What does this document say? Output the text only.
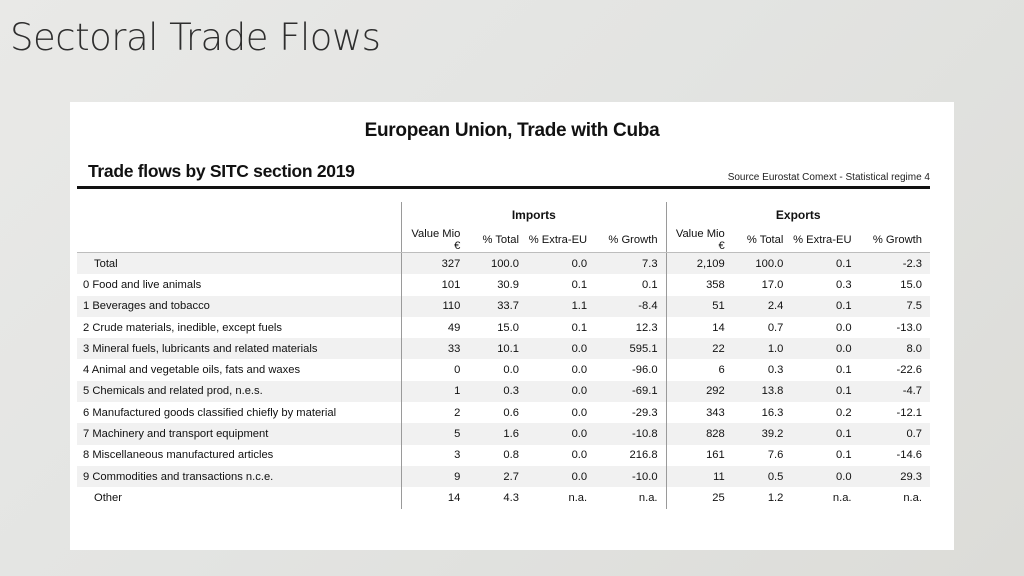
Sectoral Trade Flows
European Union, Trade with Cuba
Trade flows by SITC section 2019	Source Eurostat Comext - Statistical regime 4
	Imports				Exports			
	Value Mio €	% Total	% Extra-EU	% Growth	Value Mio €	% Total	% Extra-EU	% Growth
Total	327	100.0	0.0	7.3	2,109	100.0	0.1	-2.3
0 Food and live animals	101	30.9	0.1	0.1	358	17.0	0.3	15.0
1 Beverages and tobacco	110	33.7	1.1	-8.4	51	2.4	0.1	7.5
2 Crude materials, inedible, except fuels	49	15.0	0.1	12.3	14	0.7	0.0	-13.0
3 Mineral fuels, lubricants and related materials	33	10.1	0.0	595.1	22	1.0	0.0	8.0
4 Animal and vegetable oils, fats and waxes	0	0.0	0.0	-96.0	6	0.3	0.1	-22.6
5 Chemicals and related prod, n.e.s.	1	0.3	0.0	-69.1	292	13.8	0.1	-4.7
6 Manufactured goods classified chiefly by material	2	0.6	0.0	-29.3	343	16.3	0.2	-12.1
7 Machinery and transport equipment	5	1.6	0.0	-10.8	828	39.2	0.1	0.7
8 Miscellaneous manufactured articles	3	0.8	0.0	216.8	161	7.6	0.1	-14.6
9 Commodities and transactions n.c.e.	9	2.7	0.0	-10.0	11	0.5	0.0	29.3
Other	14	4.3	n.a.	n.a.	25	1.2	n.a.	n.a.
